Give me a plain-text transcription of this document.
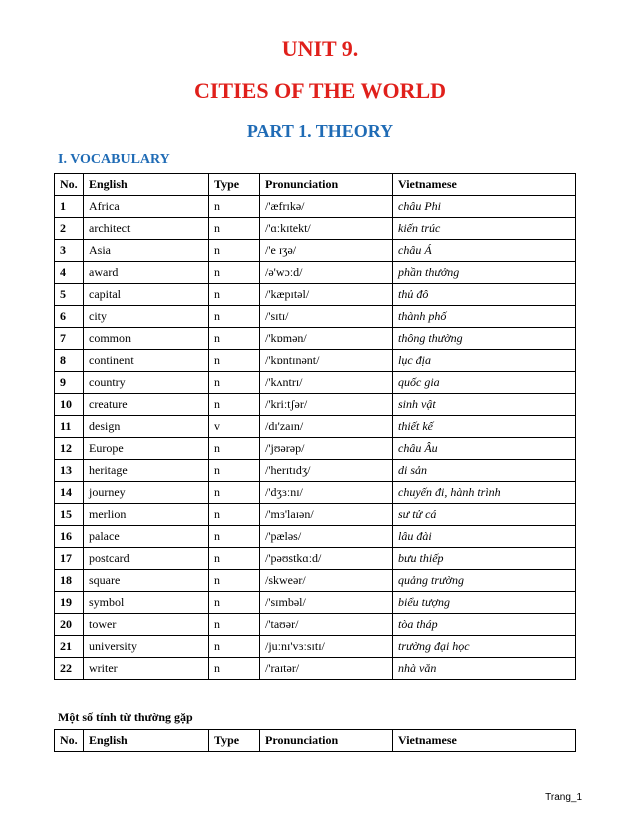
UNIT 9.
CITIES OF THE WORLD
PART 1. THEORY
I. VOCABULARY
No.	English	Type	Pronunciation	Vietnamese
1	Africa	n	/'æfrɪkə/	châu Phi
2	architect	n	/'ɑːkɪtekt/	kiến trúc
3	Asia	n	/'e ɪʒə/	châu Á
4	award	n	/ə'wɔːd/	phần thưởng
5	capital	n	/'kæpɪtəl/	thủ đô
6	city	n	/'sɪtɪ/	thành phố
7	common	n	/'kɒmən/	thông thường
8	continent	n	/'kɒntɪnənt/	lục địa
9	country	n	/'kʌntrɪ/	quốc gia
10	creature	n	/'kriːtʃər/	sinh vật
11	design	v	/dɪ'zaɪn/	thiết kế
12	Europe	n	/'jʊərəp/	châu Âu
13	heritage	n	/'herɪtɪdʒ/	di sản
14	journey	n	/'dʒɜːnɪ/	chuyến đi, hành trình
15	merlion	n	/'mɜ'laɪən/	sư tử cá
16	palace	n	/'pæləs/	lâu đài
17	postcard	n	/'pəʊstkɑːd/	bưu thiếp
18	square	n	/skweər/	quảng trường
19	symbol	n	/'sɪmbəl/	biểu tượng
20	tower	n	/'taʊər/	tòa tháp
21	university	n	/juːnɪ'vɜːsɪtɪ/	trường đại học
22	writer	n	/'raɪtər/	nhà văn
Một số tính từ thường gặp
No.	English	Type	Pronunciation	Vietnamese
Trang_1
